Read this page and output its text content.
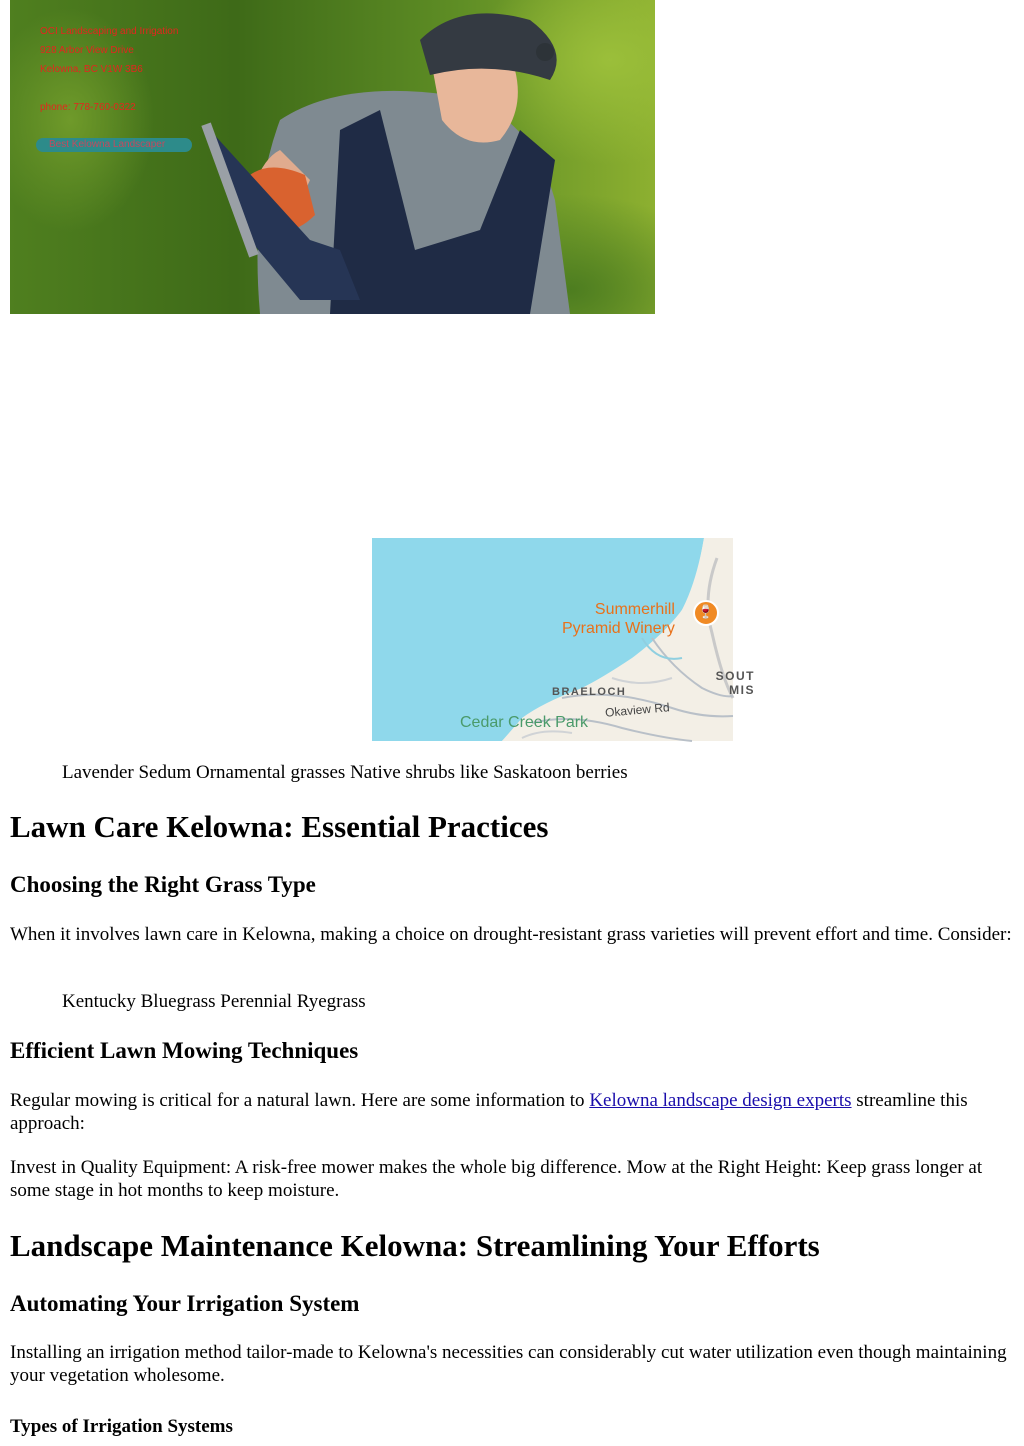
OCI Landscaping and Irrigation
928 Arbor View Drive
Kelowna, BC V1W 3B6
phone: 778-760-0322
Best Kelowna Landscaper
Summerhill
Pyramid Winery
🍷
BRAELOCH
SOUT
MIS
Okaview Rd
Cedar Creek Park
Lavender Sedum Ornamental grasses Native shrubs like Saskatoon berries
Lawn Care Kelowna: Essential Practices
Choosing the Right Grass Type

When it involves lawn care in Kelowna, making a choice on drought-resistant grass varieties will prevent effort and time. Consider:

Kentucky Bluegrass Perennial Ryegrass
Efficient Lawn Mowing Techniques

Regular mowing is critical for a natural lawn. Here are some information to Kelowna landscape design experts streamline this approach:

Invest in Quality Equipment: A risk-free mower makes the whole big difference. Mow at the Right Height: Keep grass longer at some stage in hot months to keep moisture.

Landscape Maintenance Kelowna: Streamlining Your Efforts
Automating Your Irrigation System

Installing an irrigation method tailor-made to Kelowna's necessities can considerably cut water utilization even though maintaining your vegetation wholesome.

Types of Irrigation Systems
